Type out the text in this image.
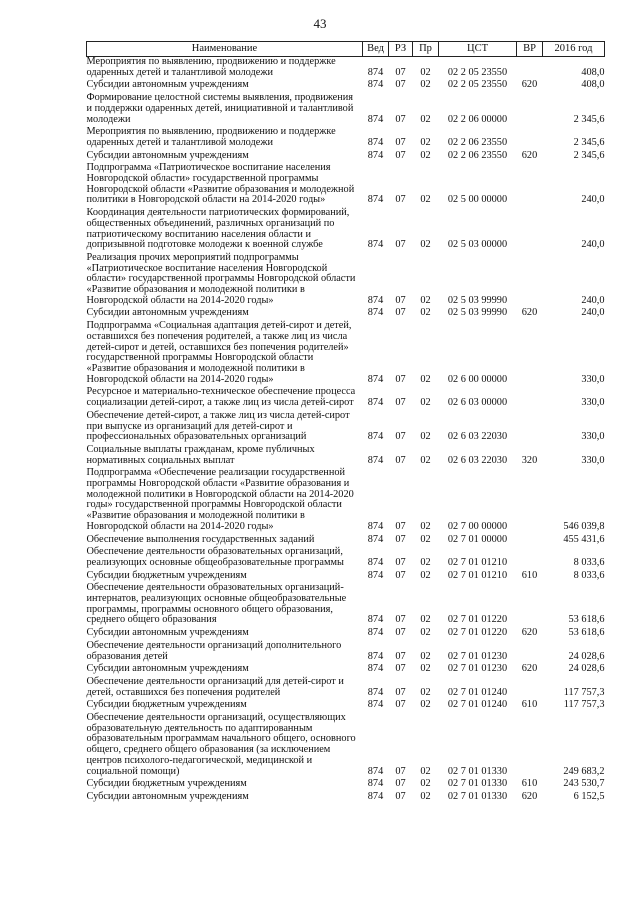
43
Наименование	Вед	РЗ	Пр	ЦСТ	ВР	2016 год
Мероприятия по выявлению, продвижению и поддержке одаренных детей и талантливой молодежи	874	07	02	02 2 05 23550		408,0
Субсидии автономным учреждениям	874	07	02	02 2 05 23550	620	408,0
Формирование целостной системы выявления, продвижения и поддержки одаренных детей, инициативной и талантливой молодежи	874	07	02	02 2 06 00000		2 345,6
Мероприятия по выявлению, продвижению и поддержке одаренных детей и талантливой молодежи	874	07	02	02 2 06 23550		2 345,6
Субсидии автономным учреждениям	874	07	02	02 2 06 23550	620	2 345,6
Подпрограмма «Патриотическое воспитание населения Новгородской области» государственной программы Новгородской области «Развитие образования и молодежной политики в Новгородской области на 2014-2020 годы»	874	07	02	02 5 00 00000		240,0
Координация деятельности патриотических формирований, общественных объединений, различных организаций по патриотическому воспитанию населения области и допризывной подготовке молодежи к военной службе	874	07	02	02 5 03 00000		240,0
Реализация прочих мероприятий подпрограммы «Патриотическое воспитание населения Новгородской области» государственной программы Новгородской области «Развитие образования и молодежной политики в Новгородской области на 2014-2020 годы»	874	07	02	02 5 03 99990		240,0
Субсидии автономным учреждениям	874	07	02	02 5 03 99990	620	240,0
Подпрограмма «Социальная адаптация детей-сирот и детей, оставшихся без попечения родителей, а также лиц из числа детей-сирот и детей, оставшихся без попечения родителей» государственной программы Новгородской области «Развитие образования и молодежной политики в Новгородской области на 2014-2020 годы»	874	07	02	02 6 00 00000		330,0
Ресурсное и материально-техническое обеспечение процесса социализации детей-сирот, а также лиц из числа детей-сирот	874	07	02	02 6 03 00000		330,0
Обеспечение детей-сирот, а также лиц из числа детей-сирот при выпуске из организаций для детей-сирот и профессиональных образовательных организаций	874	07	02	02 6 03 22030		330,0
Социальные выплаты гражданам, кроме публичных нормативных социальных выплат	874	07	02	02 6 03 22030	320	330,0
Подпрограмма «Обеспечение реализации государственной программы Новгородской области «Развитие образования и молодежной политики в Новгородской области на 2014-2020 годы» государственной программы Новгородской области «Развитие образования и молодежной политики в Новгородской области на 2014-2020 годы»	874	07	02	02 7 00 00000		546 039,8
Обеспечение выполнения государственных заданий	874	07	02	02 7 01 00000		455 431,6
Обеспечение деятельности образовательных организаций, реализующих основные общеобразовательные программы	874	07	02	02 7 01 01210		8 033,6
Субсидии бюджетным учреждениям	874	07	02	02 7 01 01210	610	8 033,6
Обеспечение деятельности образовательных организаций-интернатов, реализующих основные общеобразовательные программы, программы основного общего образования, среднего общего образования	874	07	02	02 7 01 01220		53 618,6
Субсидии автономным учреждениям	874	07	02	02 7 01 01220	620	53 618,6
Обеспечение деятельности организаций дополнительного образования детей	874	07	02	02 7 01 01230		24 028,6
Субсидии автономным учреждениям	874	07	02	02 7 01 01230	620	24 028,6
Обеспечение деятельности организаций для детей-сирот и детей, оставшихся без попечения родителей	874	07	02	02 7 01 01240		117 757,3
Субсидии бюджетным учреждениям	874	07	02	02 7 01 01240	610	117 757,3
Обеспечение деятельности организаций, осуществляющих образовательную деятельность по адаптированным образовательным программам начального общего, основного общего, среднего общего образования (за исключением центров психолого-педагогической, медицинской и социальной помощи)	874	07	02	02 7 01 01330		249 683,2
Субсидии бюджетным учреждениям	874	07	02	02 7 01 01330	610	243 530,7
Субсидии автономным учреждениям	874	07	02	02 7 01 01330	620	6 152,5
